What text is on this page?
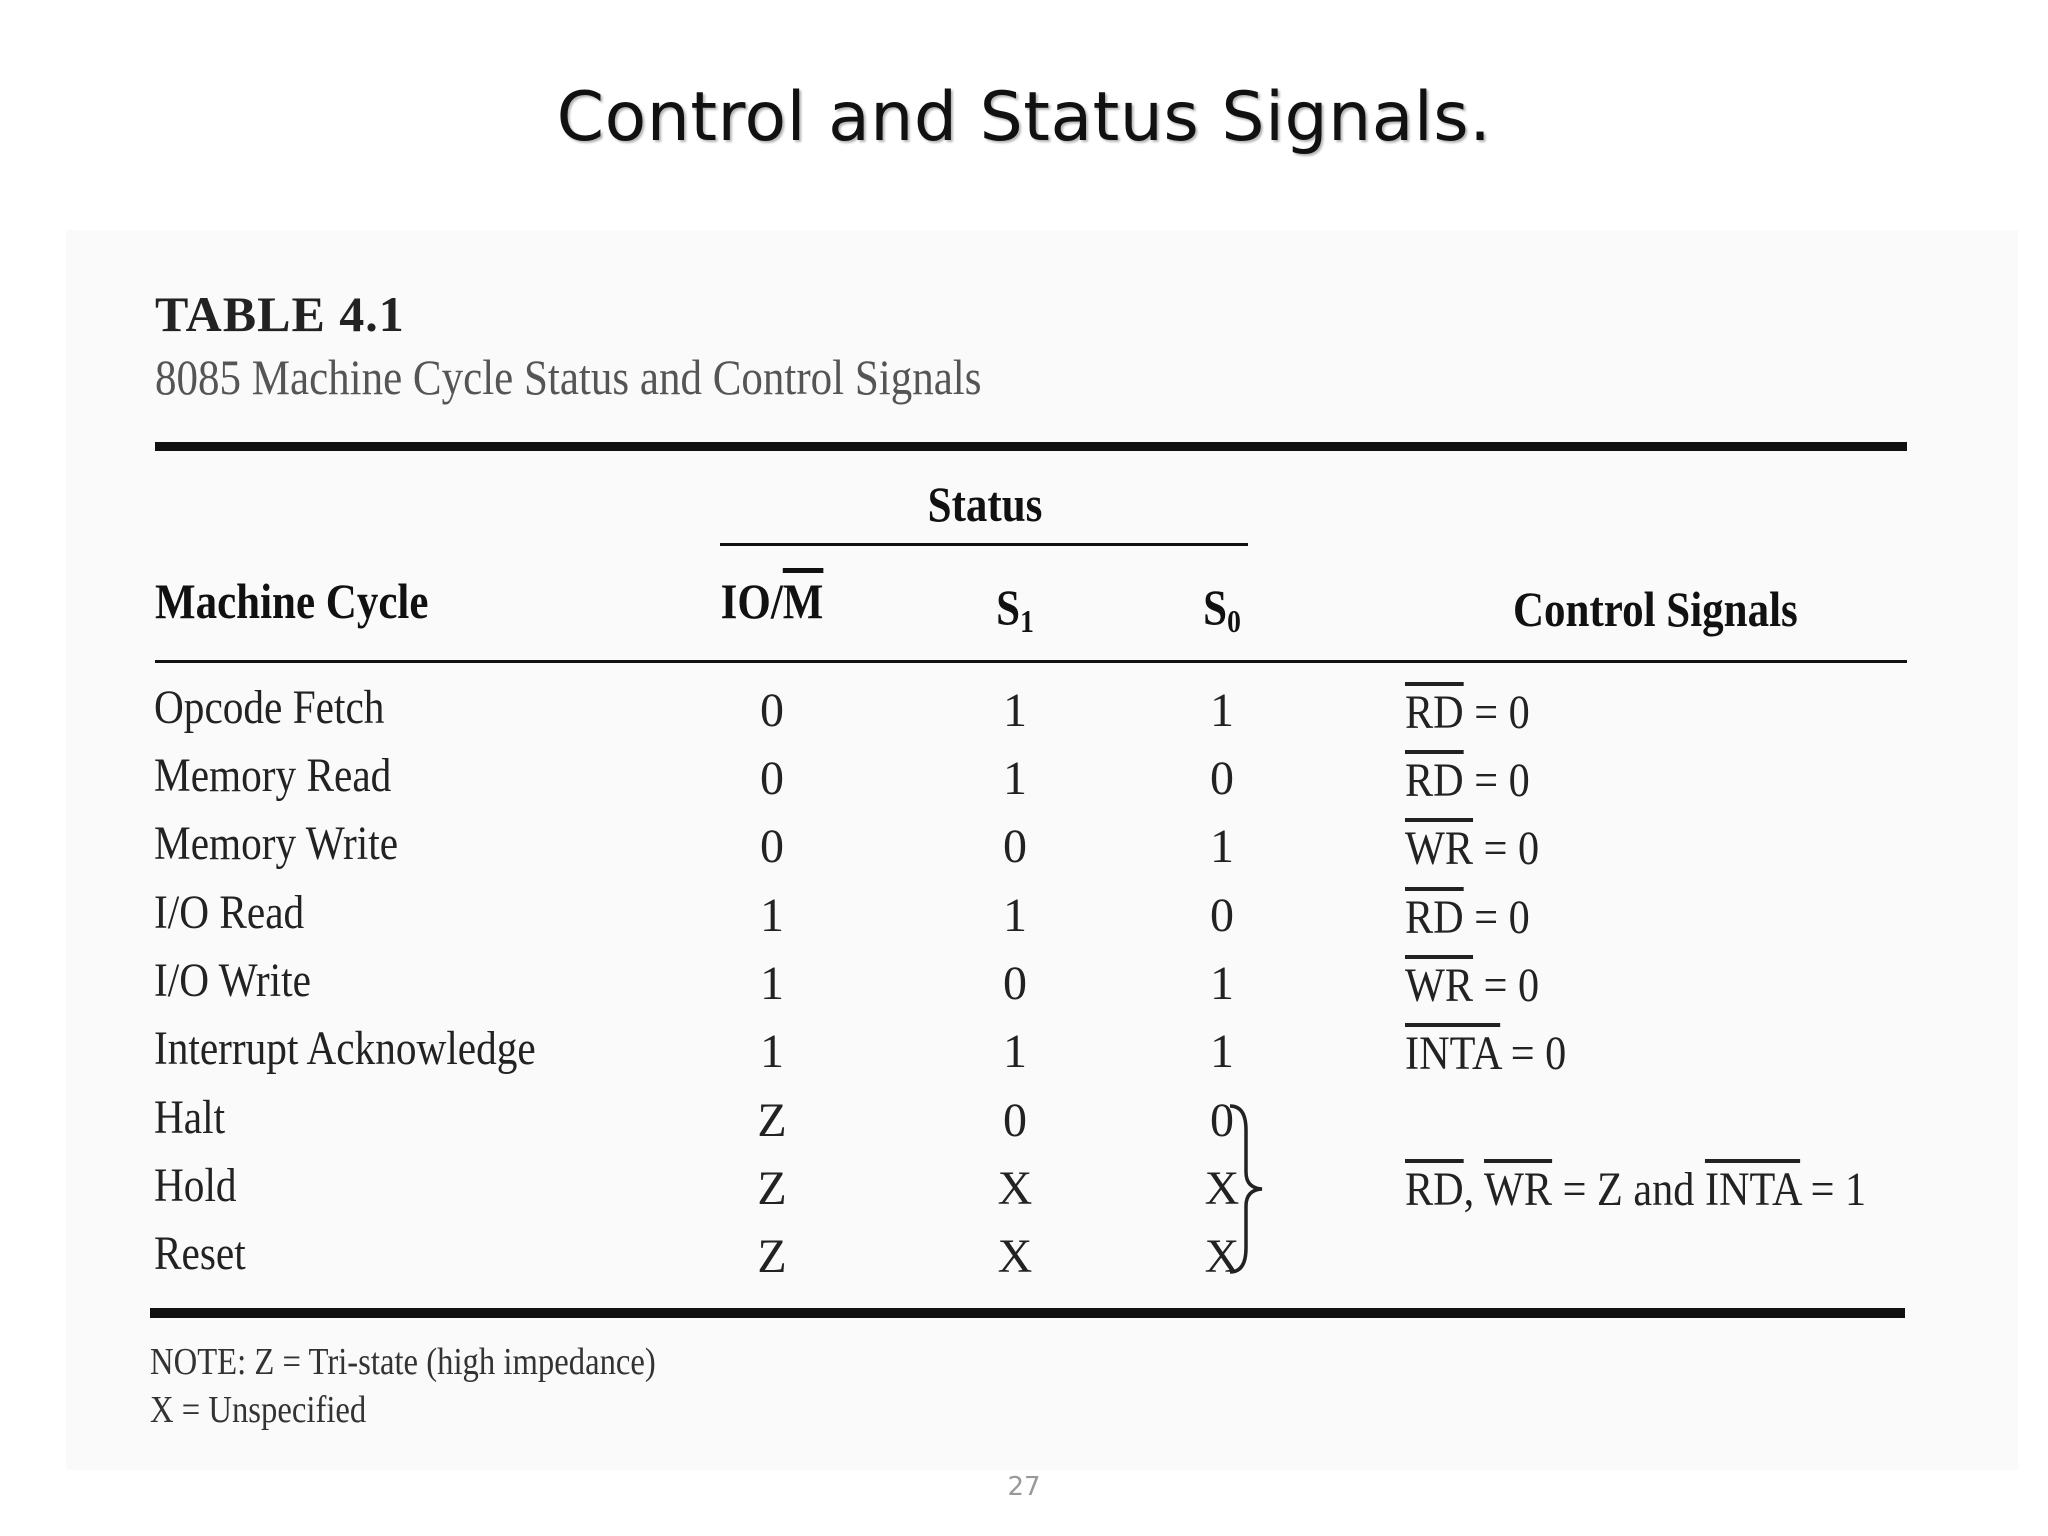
Control and Status Signals.
TABLE 4.1
8085 Machine Cycle Status and Control Signals
Status
Machine Cycle	$IO/\overline{M}$	$S_1$	$S_0$	Control Signals
Opcode Fetch	0	1	1	$\overline{RD} = 0$
Memory Read	0	1	0	$\overline{RD} = 0$
Memory Write	0	0	1	$\overline{WR} = 0$
I/O Read	1	1	0	$\overline{RD} = 0$
I/O Write	1	0	1	$\overline{WR} = 0$
Interrupt Acknowledge	1	1	1	INTA = 0
Halt	Z	0	0
Hold	Z	X	X
Reset	Z	X	X
$\overline{RD}$, $\overline{WR} = Z$ and INTA = 1
NOTE: Z = Tri-state (high impedance)
X = Unspecified
27
